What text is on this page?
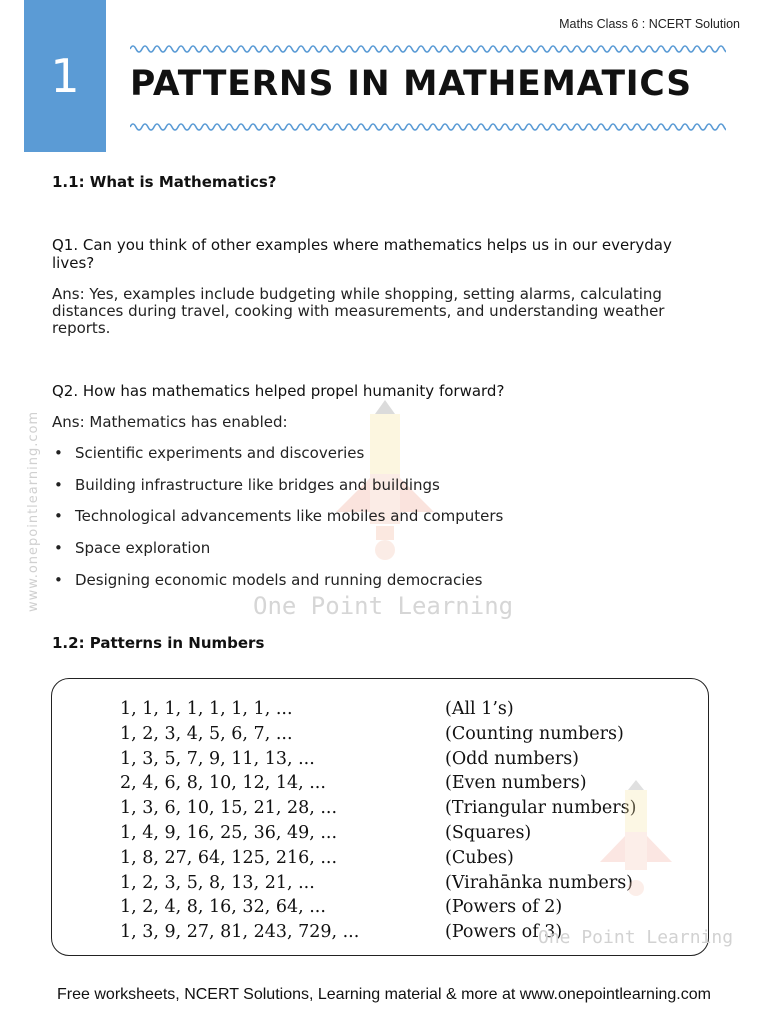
1
Maths Class 6 : NCERT Solution
PATTERNS IN MATHEMATICS
www.onepointlearning.com	One Point Learning
1.1: What is Mathematics?
Q1. Can you think of other examples where mathematics helps us in our everyday lives?
Ans: Yes, examples include budgeting while shopping, setting alarms, calculating distances during travel, cooking with measurements, and understanding weather reports.
Q2. How has mathematics helped propel humanity forward?
Ans: Mathematics has enabled:
• Scientific experiments and discoveries
• Building infrastructure like bridges and buildings
• Technological advancements like mobiles and computers
• Space exploration
• Designing economic models and running democracies
1.2: Patterns in Numbers
1, 1, 1, 1, 1, 1, 1, ...	(All 1’s)
1, 2, 3, 4, 5, 6, 7, ...	(Counting numbers)
1, 3, 5, 7, 9, 11, 13, ...	(Odd numbers)
2, 4, 6, 8, 10, 12, 14, ...	(Even numbers)
1, 3, 6, 10, 15, 21, 28, ...	(Triangular numbers)
1, 4, 9, 16, 25, 36, 49, ...	(Squares)
1, 8, 27, 64, 125, 216, ...	(Cubes)
1, 2, 3, 5, 8, 13, 21, ...	(Virahānka numbers)
1, 2, 4, 8, 16, 32, 64, ...	(Powers of 2)
1, 3, 9, 27, 81, 243, 729, ...	(Powers of 3)
One Point Learning
Free worksheets, NCERT Solutions, Learning material & more at www.onepointlearning.com
